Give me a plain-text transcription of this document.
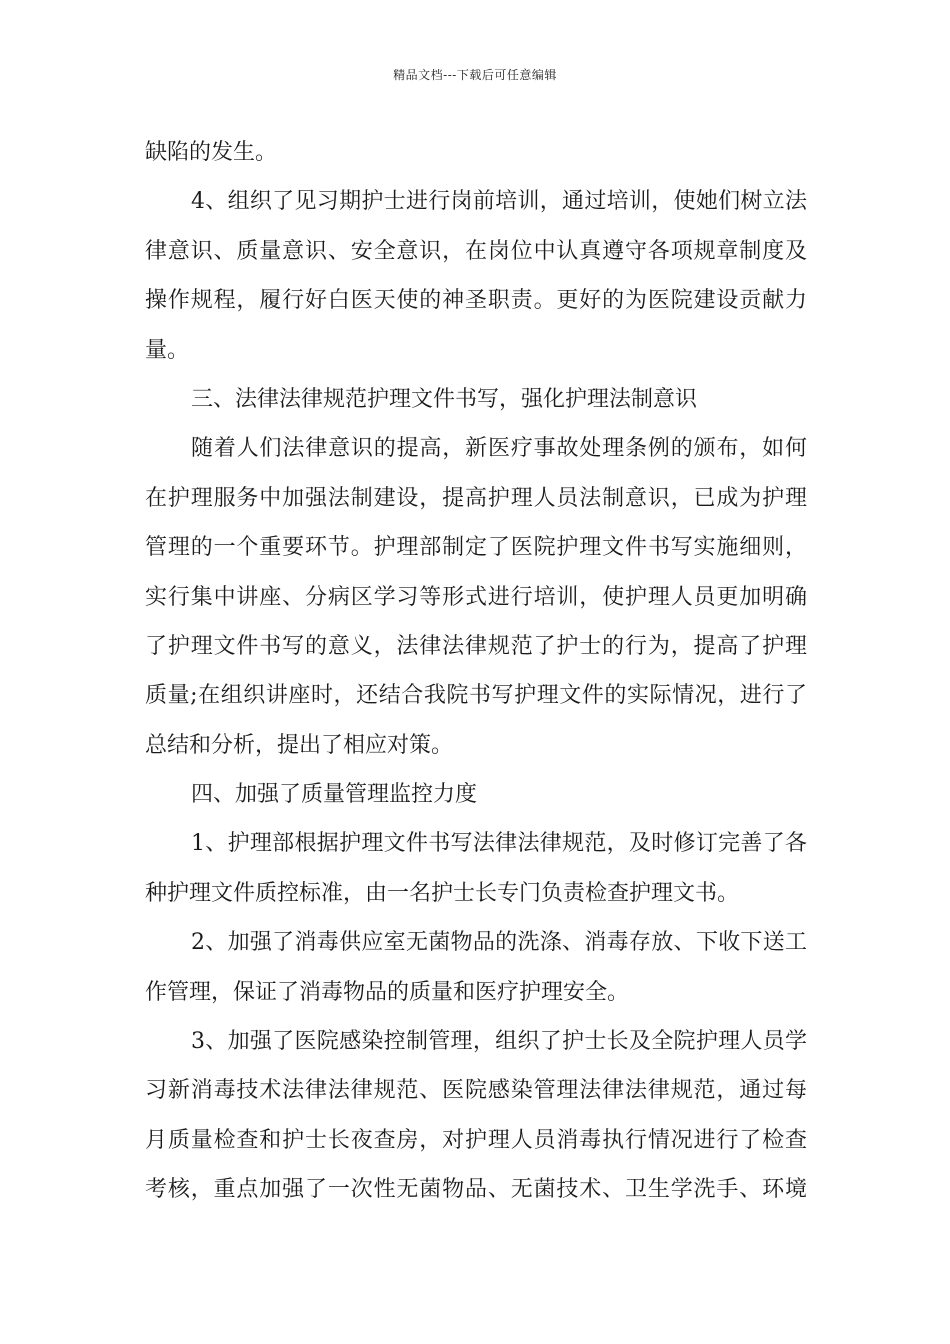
精品文档---下载后可任意编辑
缺陷的发生。
4、组织了见习期护士进行岗前培训，通过培训，使她们树立法
律意识、质量意识、安全意识，在岗位中认真遵守各项规章制度及
操作规程，履行好白医天使的神圣职责。更好的为医院建设贡献力
量。
三、法律法律规范护理文件书写，强化护理法制意识
随着人们法律意识的提高，新医疗事故处理条例的颁布，如何
在护理服务中加强法制建设，提高护理人员法制意识，已成为护理
管理的一个重要环节。护理部制定了医院护理文件书写实施细则，
实行集中讲座、分病区学习等形式进行培训，使护理人员更加明确
了护理文件书写的意义，法律法律规范了护士的行为，提高了护理
质量;在组织讲座时，还结合我院书写护理文件的实际情况，进行了
总结和分析，提出了相应对策。
四、加强了质量管理监控力度
1、护理部根据护理文件书写法律法律规范，及时修订完善了各
种护理文件质控标准，由一名护士长专门负责检查护理文书。
2、加强了消毒供应室无菌物品的洗涤、消毒存放、下收下送工
作管理，保证了消毒物品的质量和医疗护理安全。
3、加强了医院感染控制管理，组织了护士长及全院护理人员学
习新消毒技术法律法律规范、医院感染管理法律法律规范，通过每
月质量检查和护士长夜查房，对护理人员消毒执行情况进行了检查
考核，重点加强了一次性无菌物品、无菌技术、卫生学洗手、环境
